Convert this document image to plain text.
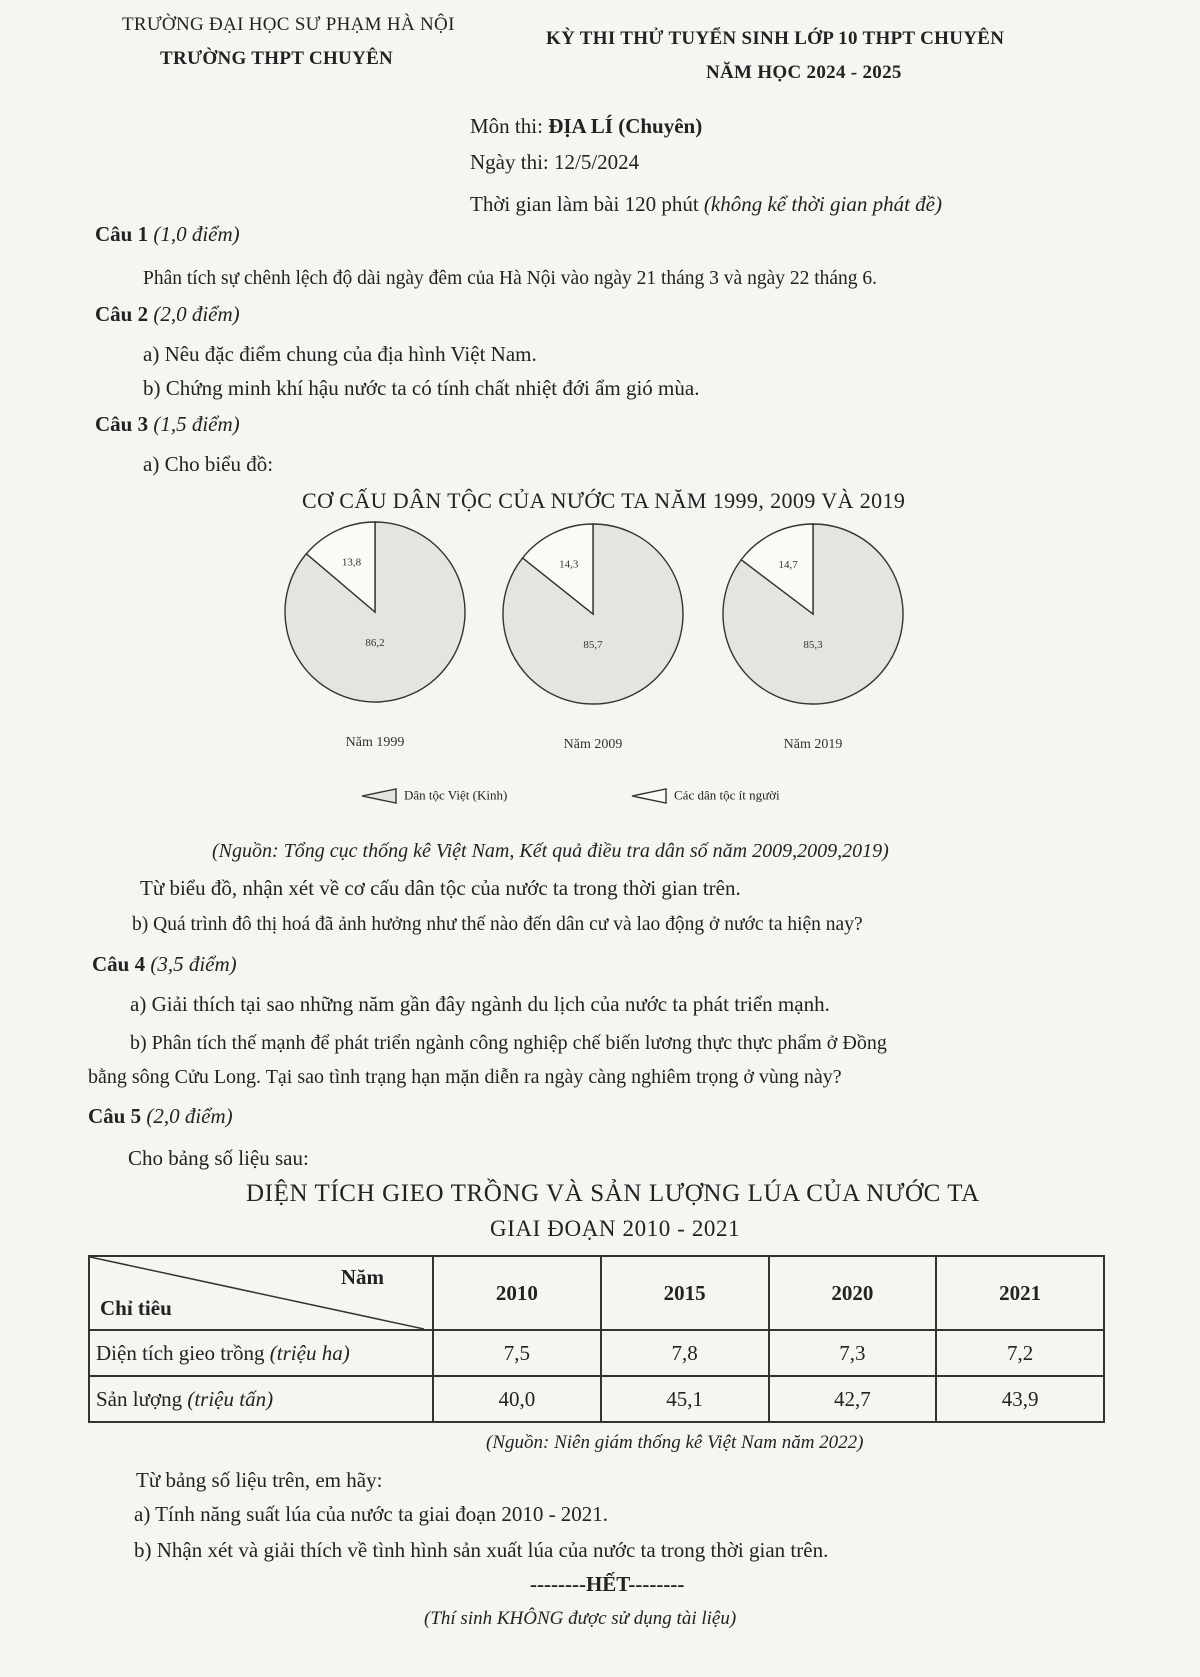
TRƯỜNG ĐẠI HỌC SƯ PHẠM HÀ NỘI
TRƯỜNG THPT CHUYÊN
KỲ THI THỬ TUYỂN SINH LỚP 10 THPT CHUYÊN
NĂM HỌC 2024 - 2025
Môn thi: ĐỊA LÍ (Chuyên)
Ngày thi: 12/5/2024
Thời gian làm bài 120 phút (không kể thời gian phát đề)
Câu 1 (1,0 điểm)
Phân tích sự chênh lệch độ dài ngày đêm của Hà Nội vào ngày 21 tháng 3 và ngày 22 tháng 6.
Câu 2 (2,0 điểm)
a) Nêu đặc điểm chung của địa hình Việt Nam.
b) Chứng minh khí hậu nước ta có tính chất nhiệt đới ẩm gió mùa.
Câu 3 (1,5 điểm)
a) Cho biểu đồ:
CƠ CẤU DÂN TỘC CỦA NƯỚC TA NĂM 1999, 2009 VÀ 2019
13,8
86,2
Năm 1999
14,3
85,7
Năm 2009
14,7
85,3
Năm 2019
Dân tộc Việt (Kinh)	Các dân tộc ít người
(Nguồn: Tổng cục thống kê Việt Nam, Kết quả điều tra dân số năm 2009,2009,2019)
Từ biểu đồ, nhận xét về cơ cấu dân tộc của nước ta trong thời gian trên.
b) Quá trình đô thị hoá đã ảnh hưởng như thế nào đến dân cư và lao động ở nước ta hiện nay?
Câu 4 (3,5 điểm)
a) Giải thích tại sao những năm gần đây ngành du lịch của nước ta phát triển mạnh.
b) Phân tích thế mạnh để phát triển ngành công nghiệp chế biến lương thực thực phẩm ở Đồng
bằng sông Cửu Long. Tại sao tình trạng hạn mặn diễn ra ngày càng nghiêm trọng ở vùng này?
Câu 5 (2,0 điểm)
Cho bảng số liệu sau:
DIỆN TÍCH GIEO TRỒNG VÀ SẢN LƯỢNG LÚA CỦA NƯỚC TA
GIAI ĐOẠN 2010 - 2021
Năm
Chỉ tiêu	2010	2015	2020	2021
Diện tích gieo trồng (triệu ha)	7,5	7,8	7,3	7,2
Sản lượng (triệu tấn)	40,0	45,1	42,7	43,9
(Nguồn: Niên giám thống kê Việt Nam năm 2022)
Từ bảng số liệu trên, em hãy:
a) Tính năng suất lúa của nước ta giai đoạn 2010 - 2021.
b) Nhận xét và giải thích về tình hình sản xuất lúa của nước ta trong thời gian trên.
--------HẾT--------
(Thí sinh KHÔNG được sử dụng tài liệu)
